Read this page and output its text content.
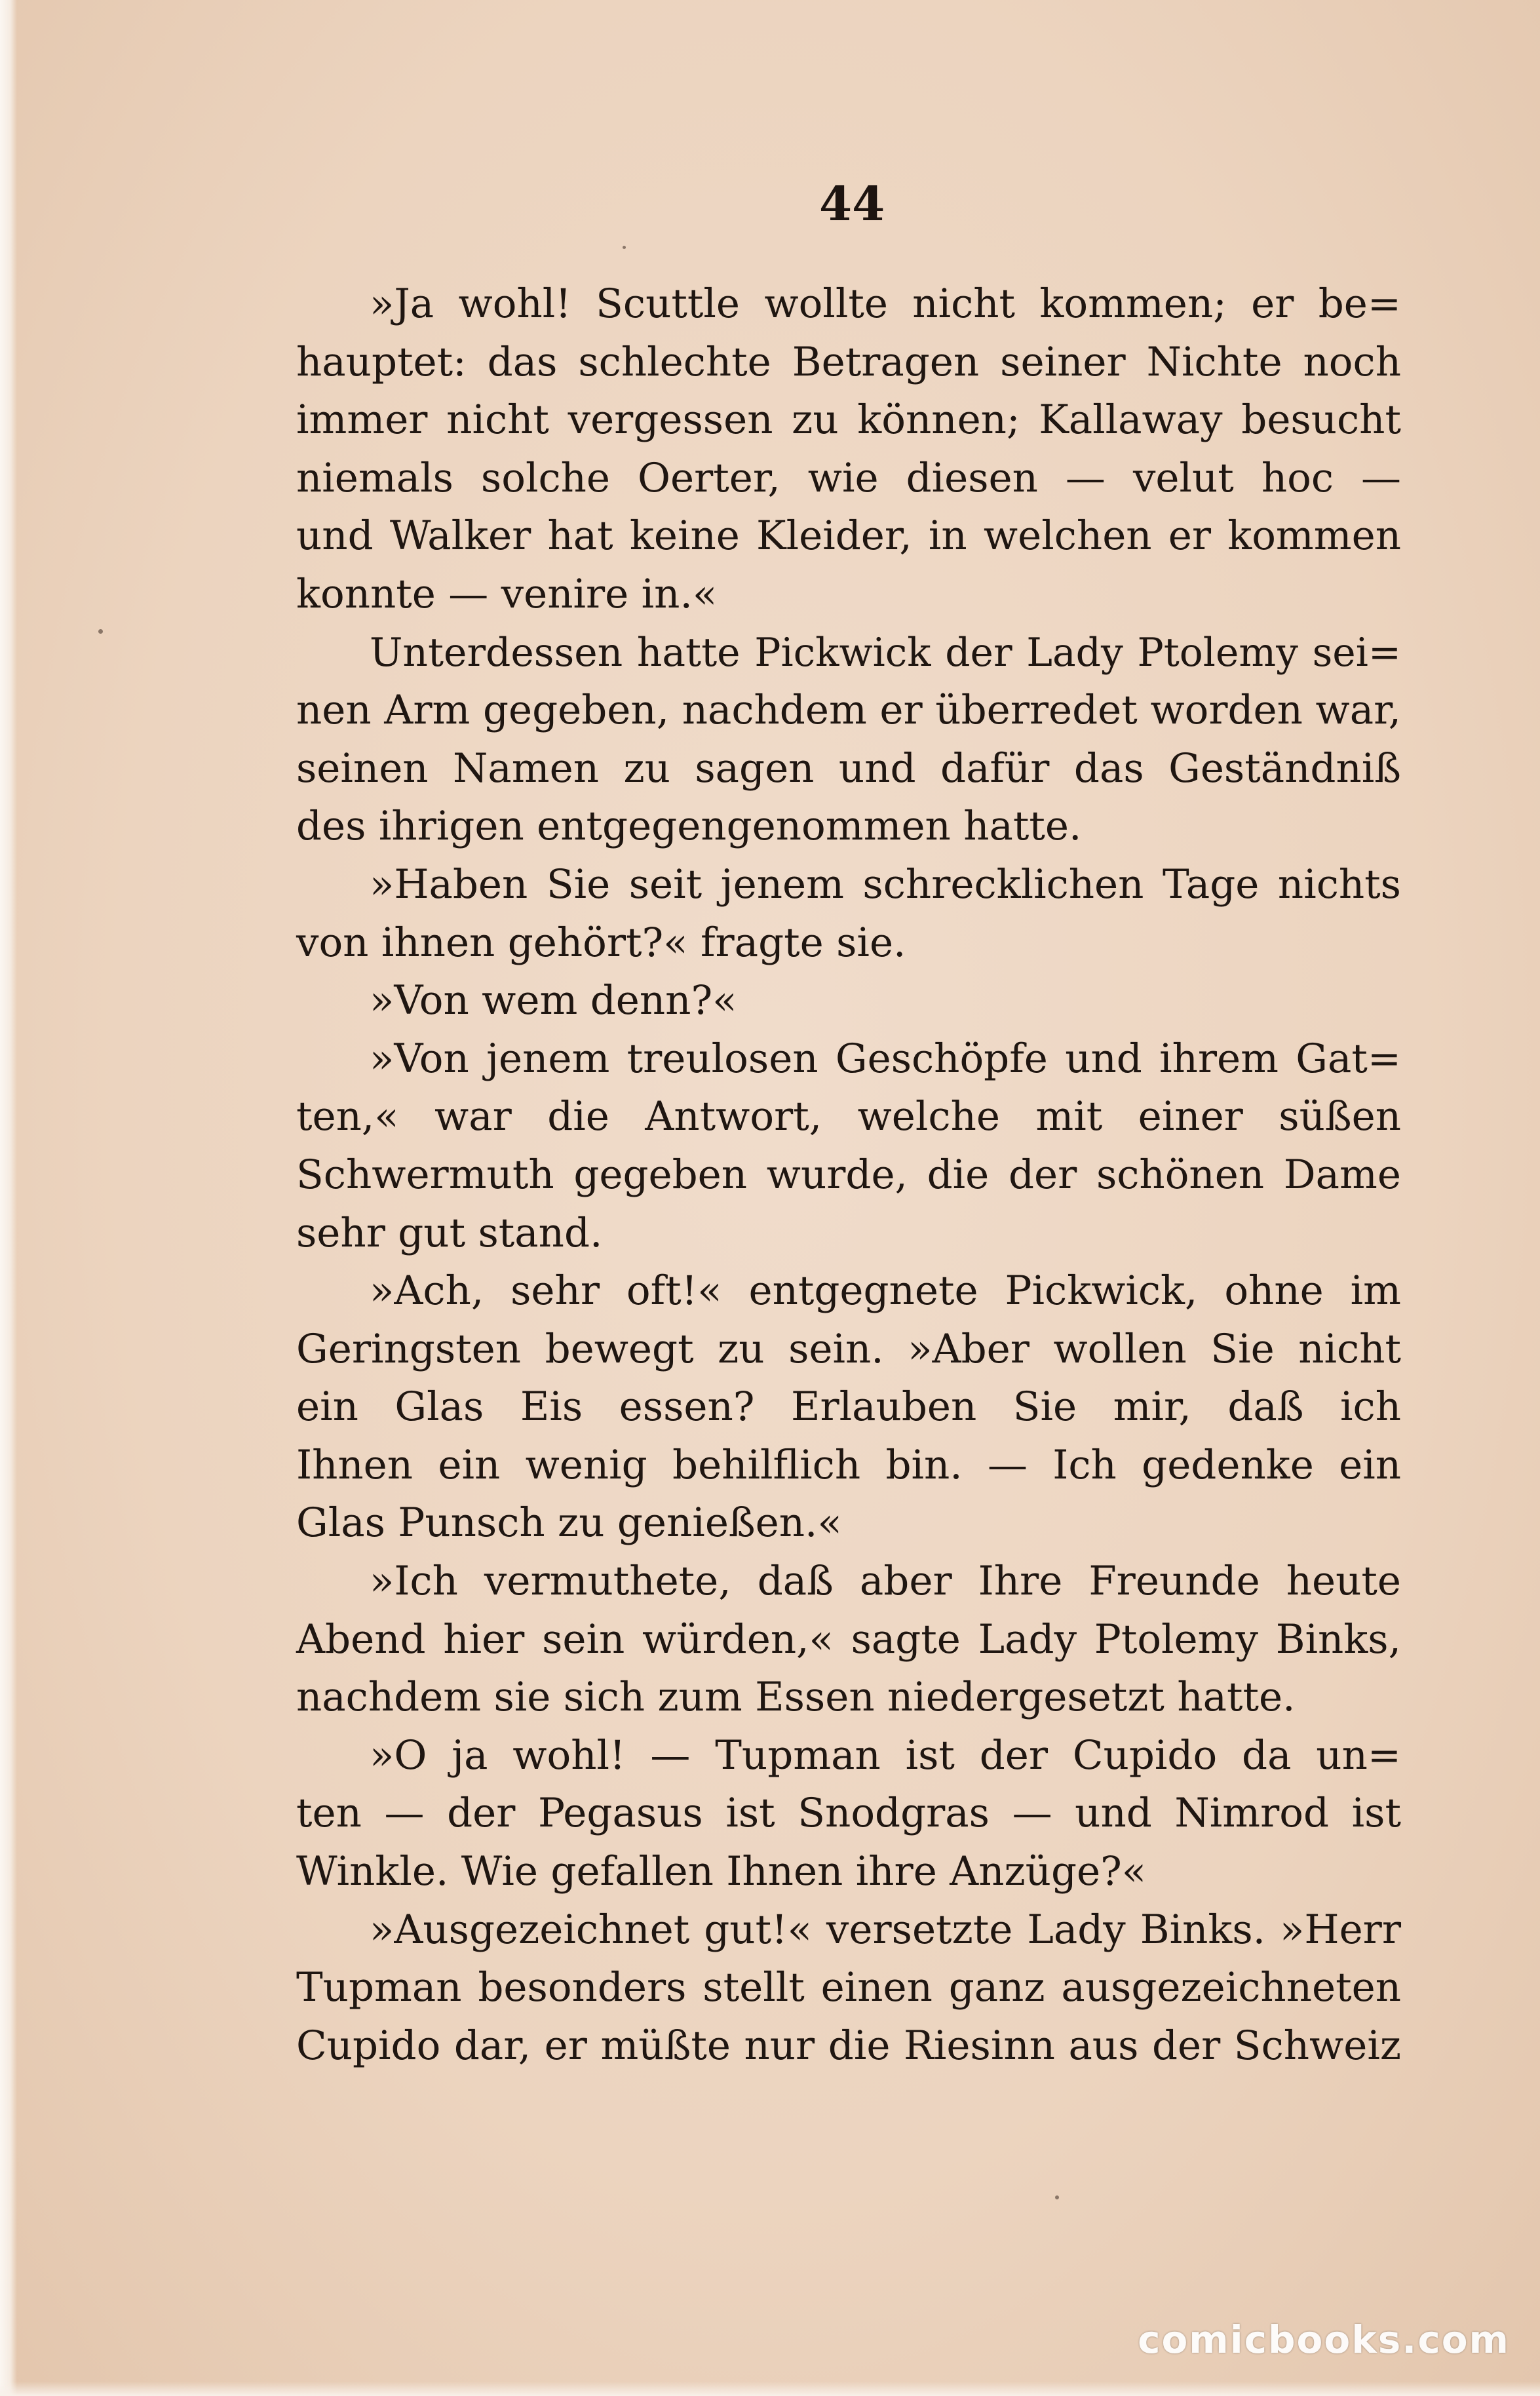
44
»Ja wohl! Scuttle wollte nicht kommen; er be=
hauptet: das schlechte Betragen seiner Nichte noch
immer nicht vergessen zu können; Kallaway besucht
niemals solche Oerter, wie diesen — velut hoc —
und Walker hat keine Kleider, in welchen er kommen
konnte — venire in.«
Unterdessen hatte Pickwick der Lady Ptolemy sei=
nen Arm gegeben, nachdem er überredet worden war,
seinen Namen zu sagen und dafür das Geständniß
des ihrigen entgegengenommen hatte.
»Haben Sie seit jenem schrecklichen Tage nichts
von ihnen gehört?« fragte sie.
»Von wem denn?«
»Von jenem treulosen Geschöpfe und ihrem Gat=
ten,« war die Antwort, welche mit einer süßen
Schwermuth gegeben wurde, die der schönen Dame
sehr gut stand.
»Ach, sehr oft!« entgegnete Pickwick, ohne im
Geringsten bewegt zu sein. »Aber wollen Sie nicht
ein Glas Eis essen? Erlauben Sie mir, daß ich
Ihnen ein wenig behilflich bin. — Ich gedenke ein
Glas Punsch zu genießen.«
»Ich vermuthete, daß aber Ihre Freunde heute
Abend hier sein würden,« sagte Lady Ptolemy Binks,
nachdem sie sich zum Essen niedergesetzt hatte.
»O ja wohl! — Tupman ist der Cupido da un=
ten — der Pegasus ist Snodgras — und Nimrod ist
Winkle. Wie gefallen Ihnen ihre Anzüge?«
»Ausgezeichnet gut!« versetzte Lady Binks. »Herr
Tupman besonders stellt einen ganz ausgezeichneten
Cupido dar, er müßte nur die Riesinn aus der Schweiz
comicbooks.com
